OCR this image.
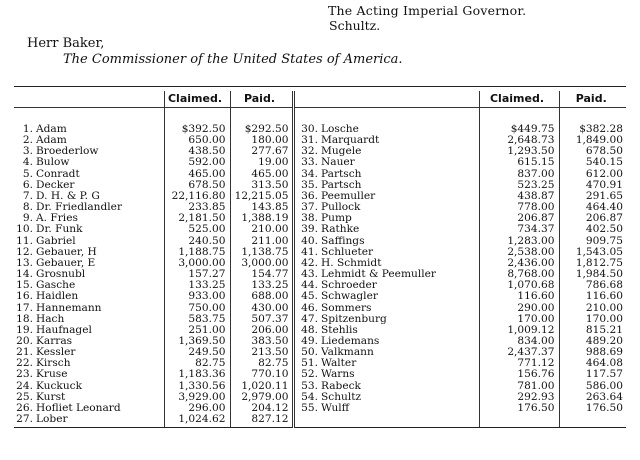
The Acting Imperial Governor.
Schultz.
Herr Baker,
The Commissioner of the United States of America.

		Claimed.	Paid.			Claimed.	Paid.

1.	Adam	$392.50	$292.50	30.	Losche	$449.75	$382.28
2.	Adam	650.00	180.00	31.	Marquardt	2,648.73	1,849.00
3.	Broederlow	438.50	277.67	32.	Mugele	1,293.50	678.50
4.	Bulow	592.00	19.00	33.	Nauer	615.15	540.15
5.	Conradt	465.00	465.00	34.	Partsch	837.00	612.00
6.	Decker	678.50	313.50	35.	Partsch	523.25	470.91
7.	D. H. & P. G	22,116.80	12,215.05	36.	Peemuller	438.87	291.65
8.	Dr. Friedlandler	233.85	143.85	37.	Pullock	778.00	464.40
9.	A. Fries	2,181.50	1,388.19	38.	Pump	206.87	206.87
10.	Dr. Funk	525.00	210.00	39.	Rathke	734.37	402.50
11.	Gabriel	240.50	211.00	40.	Saffings	1,283.00	909.75
12.	Gebauer, H	1,188.75	1,138.75	41.	Schlueter	2,538.00	1,543.05
13.	Gebauer, E	3,000.00	3,000.00	42.	H. Schmidt	2,436.00	1,812.75
14.	Grosnubl	157.27	154.77	43.	Lehmidt & Peemuller	8,768.00	1,984.50
15.	Gasche	133.25	133.25	44.	Schroeder	1,070.68	786.68
16.	Haidlen	933.00	688.00	45.	Schwagler	116.60	116.60
17.	Hannemann	750.00	430.00	46.	Sommers	290.00	210.00
18.	Hach	583.75	507.37	47.	Spitzenburg	170.00	170.00
19.	Haufnagel	251.00	206.00	48.	Stehlis	1,009.12	815.21
20.	Karras	1,369.50	383.50	49.	Liedemans	834.00	489.20
21.	Kessler	249.50	213.50	50.	Valkmann	2,437.37	988.69
22.	Kirsch	82.75	82.75	51.	Walter	771.12	464.08
23.	Kruse	1,183.36	770.10	52.	Warns	156.76	117.57
24.	Kuckuck	1,330.56	1,020.11	53.	Rabeck	781.00	586.00
25.	Kurst	3,929.00	2,979.00	54.	Schultz	292.93	263.64
26.	Hofliet Leonard	296.00	204.12	55.	Wulff	176.50	176.50
27.	Lober	1,024.62	827.12				
